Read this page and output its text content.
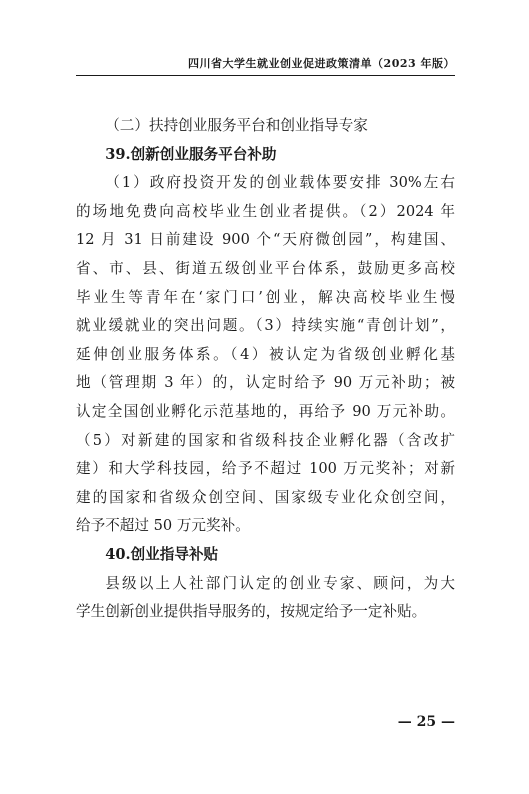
四川省大学生就业创业促进政策清单（2023 年版）

（二）扶持创业服务平台和创业指导专家

39.创新创业服务平台补助

（1）政府投资开发的创业载体要安排 30%左右

的场地免费向高校毕业生创业者提供。（2）2024 年

12 月 31 日前建设 900 个“天府微创园”，构建国、

省、市、县、街道五级创业平台体系，鼓励更多高校

毕业生等青年在‘家门口’创业，解决高校毕业生慢

就业缓就业的突出问题。（3）持续实施“青创计划”，

延伸创业服务体系。（4）被认定为省级创业孵化基

地（管理期 3 年）的，认定时给予 90 万元补助；被

认定全国创业孵化示范基地的，再给予 90 万元补助。

（5）对新建的国家和省级科技企业孵化器（含改扩

建）和大学科技园，给予不超过 100 万元奖补；对新

建的国家和省级众创空间、国家级专业化众创空间，

给予不超过 50 万元奖补。

40.创业指导补贴

县级以上人社部门认定的创业专家、顾问，为大

学生创新创业提供指导服务的，按规定给予一定补贴。

— 25 —
